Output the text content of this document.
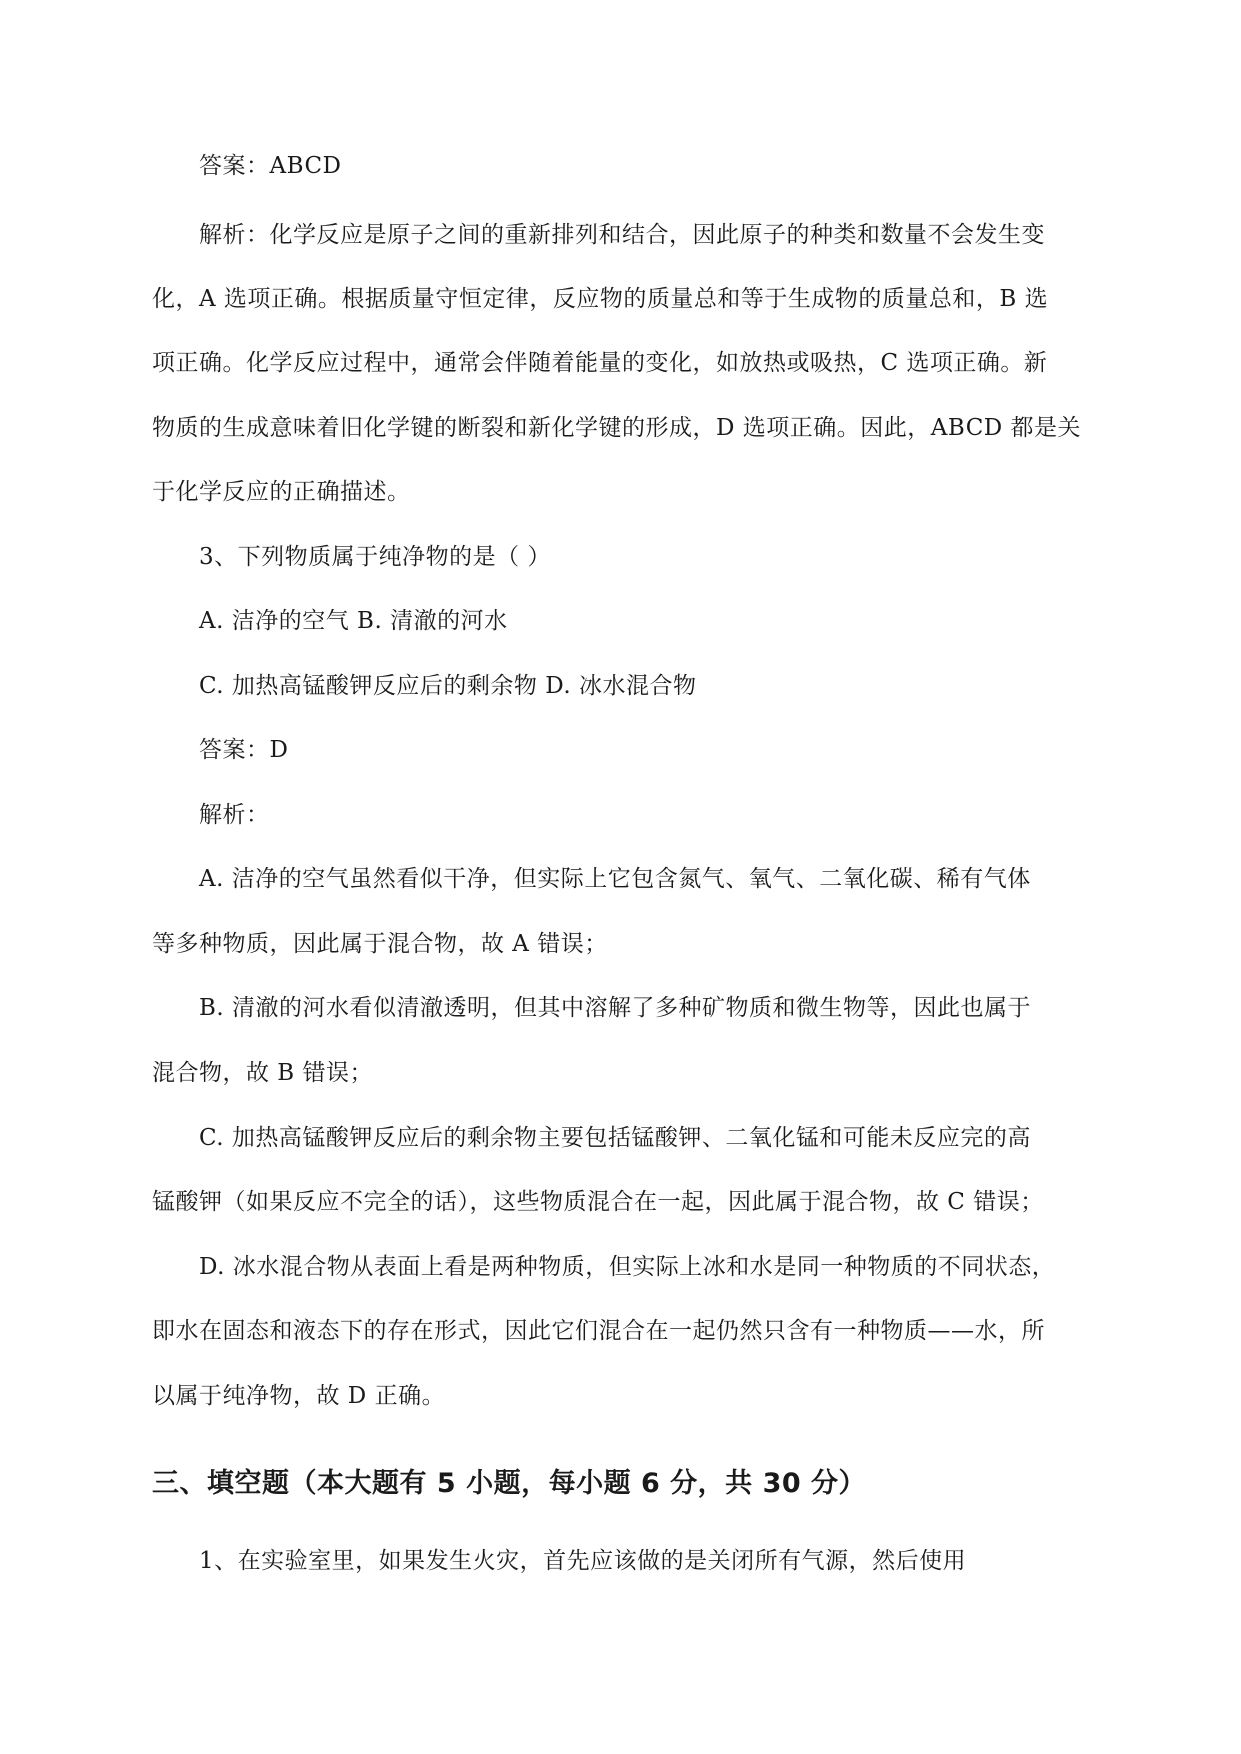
答案：ABCD
解析：化学反应是原子之间的重新排列和结合，因此原子的种类和数量不会发生变
化，A 选项正确。根据质量守恒定律，反应物的质量总和等于生成物的质量总和，B 选
项正确。化学反应过程中，通常会伴随着能量的变化，如放热或吸热，C 选项正确。新
物质的生成意味着旧化学键的断裂和新化学键的形成，D 选项正确。因此，ABCD 都是关
于化学反应的正确描述。
3、下列物质属于纯净物的是（ ）
A. 洁净的空气 B. 清澈的河水
C. 加热高锰酸钾反应后的剩余物 D. 冰水混合物
答案：D
解析：
A. 洁净的空气虽然看似干净，但实际上它包含氮气、氧气、二氧化碳、稀有气体
等多种物质，因此属于混合物，故 A 错误；
B. 清澈的河水看似清澈透明，但其中溶解了多种矿物质和微生物等，因此也属于
混合物，故 B 错误；
C. 加热高锰酸钾反应后的剩余物主要包括锰酸钾、二氧化锰和可能未反应完的高
锰酸钾（如果反应不完全的话），这些物质混合在一起，因此属于混合物，故 C 错误；
D. 冰水混合物从表面上看是两种物质，但实际上冰和水是同一种物质的不同状态，
即水在固态和液态下的存在形式，因此它们混合在一起仍然只含有一种物质——水，所
以属于纯净物，故 D 正确。
三、填空题（本大题有 5 小题，每小题 6 分，共 30 分）
1、在实验室里，如果发生火灾，首先应该做的是关闭所有气源，然后使用
